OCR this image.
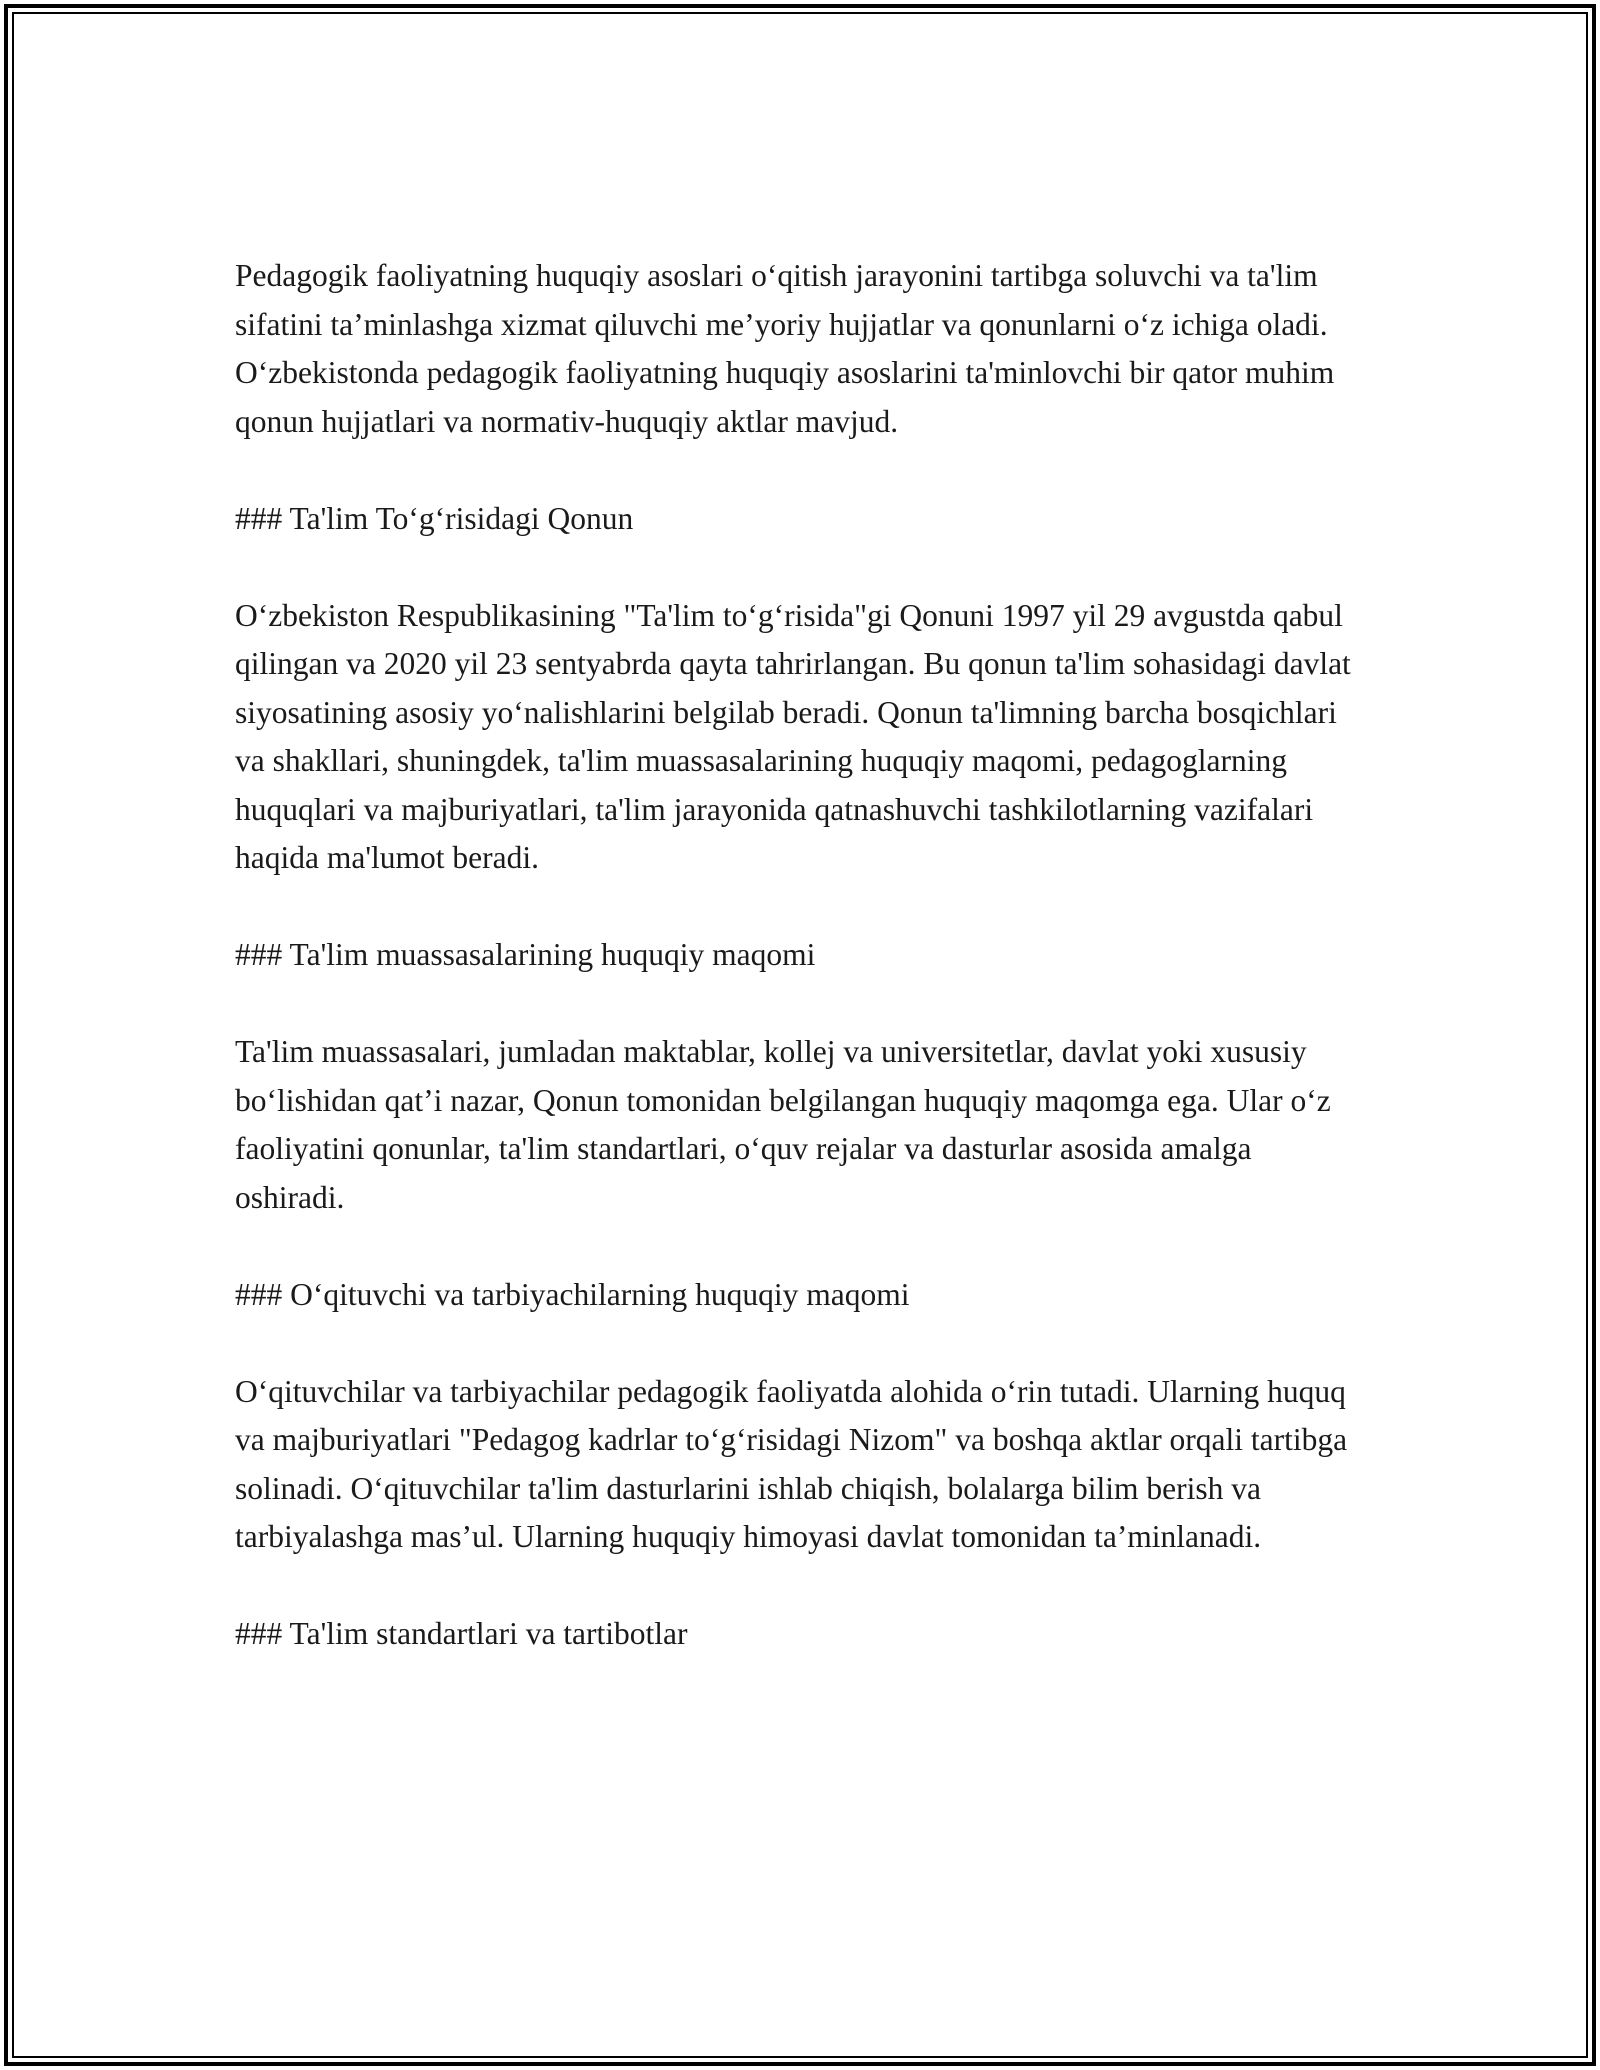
Pedagogik faoliyatning huquqiy asoslari o‘qitish jarayonini tartibga soluvchi va ta'lim sifatini ta’minlashga xizmat qiluvchi me’yoriy hujjatlar va qonunlarni o‘z ichiga oladi. O‘zbekistonda pedagogik faoliyatning huquqiy asoslarini ta'minlovchi bir qator muhim qonun hujjatlari va normativ-huquqiy aktlar mavjud.

### Ta'lim To‘g‘risidagi Qonun

O‘zbekiston Respublikasining "Ta'lim to‘g‘risida"gi Qonuni 1997 yil 29 avgustda qabul qilingan va 2020 yil 23 sentyabrda qayta tahrirlangan. Bu qonun ta'lim sohasidagi davlat siyosatining asosiy yo‘nalishlarini belgilab beradi. Qonun ta'limning barcha bosqichlari va shakllari, shuningdek, ta'lim muassasalarining huquqiy maqomi, pedagoglarning huquqlari va majburiyatlari, ta'lim jarayonida qatnashuvchi tashkilotlarning vazifalari haqida ma'lumot beradi.

### Ta'lim muassasalarining huquqiy maqomi

Ta'lim muassasalari, jumladan maktablar, kollej va universitetlar, davlat yoki xususiy bo‘lishidan qat’i nazar, Qonun tomonidan belgilangan huquqiy maqomga ega. Ular o‘z faoliyatini qonunlar, ta'lim standartlari, o‘quv rejalar va dasturlar asosida amalga oshiradi.

### O‘qituvchi va tarbiyachilarning huquqiy maqomi

O‘qituvchilar va tarbiyachilar pedagogik faoliyatda alohida o‘rin tutadi. Ularning huquq va majburiyatlari "Pedagog kadrlar to‘g‘risidagi Nizom" va boshqa aktlar orqali tartibga solinadi. O‘qituvchilar ta'lim dasturlarini ishlab chiqish, bolalarga bilim berish va tarbiyalashga mas’ul. Ularning huquqiy himoyasi davlat tomonidan ta’minlanadi.

### Ta'lim standartlari va tartibotlar
